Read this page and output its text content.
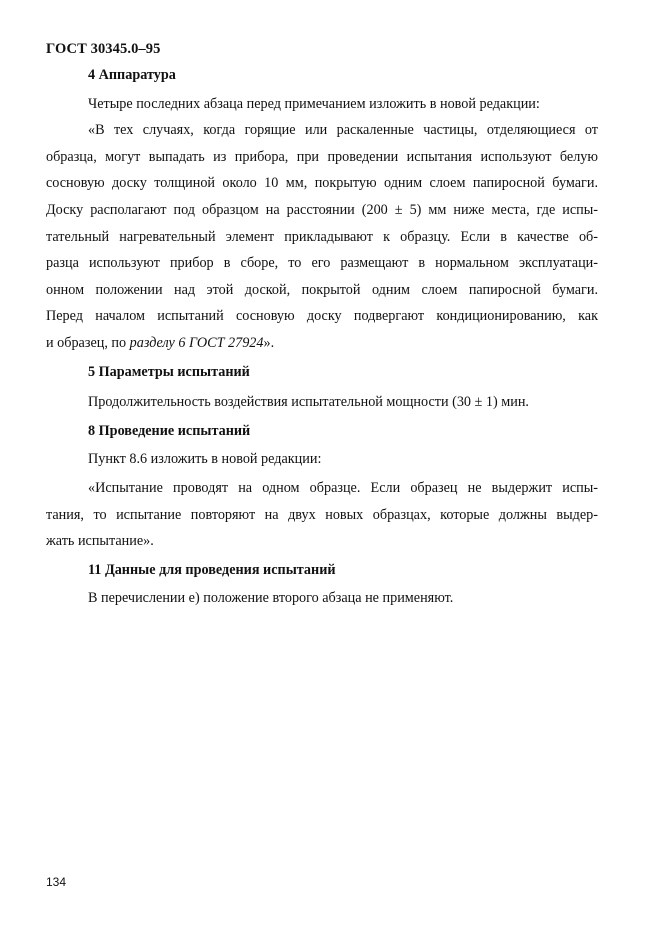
ГОСТ 30345.0–95

4 Аппаратура

Четыре последних абзаца перед примечанием изложить в новой редакции:

«В тех случаях, когда горящие или раскаленные частицы, отделяющиеся от
образца, могут выпадать из прибора, при проведении испытания используют белую
сосновую доску толщиной около 10 мм, покрытую одним слоем папиросной бумаги.
Доску располагают под образцом на расстоянии (200 ± 5) мм ниже места, где испы-
тательный нагревательный элемент прикладывают к образцу. Если в качестве об-
разца используют прибор в сборе, то его размещают в нормальном эксплуатаци-
онном положении над этой доской, покрытой одним слоем папиросной бумаги.
Перед началом испытаний сосновую доску подвергают кондиционированию, как
и образец, по разделу 6 ГОСТ 27924».

5 Параметры испытаний

Продолжительность воздействия испытательной мощности (30 ± 1) мин.

8 Проведение испытаний

Пункт 8.6 изложить в новой редакции:

«Испытание проводят на одном образце. Если образец не выдержит испы-
тания, то испытание повторяют на двух новых образцах, которые должны выдер-
жать испытание».

11 Данные для проведения испытаний

В перечислении е) положение второго абзаца не применяют.

134
